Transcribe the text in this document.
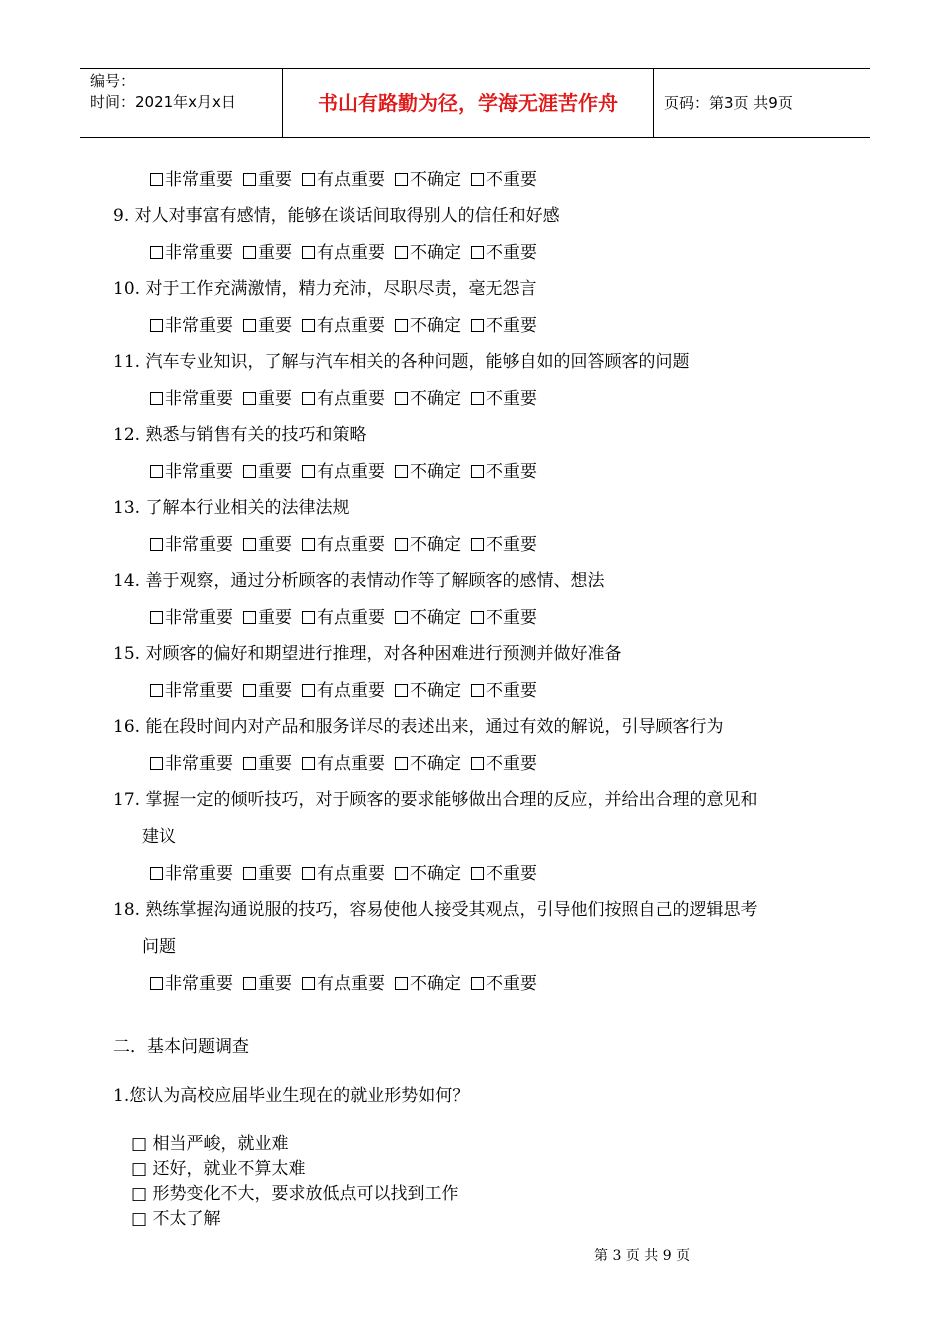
编号：
时间：2021年x月x日	书山有路勤为径，学海无涯苦作舟	页码：第3页 共9页
非常重要 重要 有点重要 不确定 不重要
9. 对人对事富有感情，能够在谈话间取得别人的信任和好感
非常重要 重要 有点重要 不确定 不重要
10. 对于工作充满激情，精力充沛，尽职尽责，毫无怨言
非常重要 重要 有点重要 不确定 不重要
11. 汽车专业知识，了解与汽车相关的各种问题，能够自如的回答顾客的问题
非常重要 重要 有点重要 不确定 不重要
12. 熟悉与销售有关的技巧和策略
非常重要 重要 有点重要 不确定 不重要
13. 了解本行业相关的法律法规
非常重要 重要 有点重要 不确定 不重要
14. 善于观察，通过分析顾客的表情动作等了解顾客的感情、想法
非常重要 重要 有点重要 不确定 不重要
15. 对顾客的偏好和期望进行推理，对各种困难进行预测并做好准备
非常重要 重要 有点重要 不确定 不重要
16. 能在段时间内对产品和服务详尽的表述出来，通过有效的解说，引导顾客行为
非常重要 重要 有点重要 不确定 不重要
17. 掌握一定的倾听技巧，对于顾客的要求能够做出合理的反应，并给出合理的意见和
建议
非常重要 重要 有点重要 不确定 不重要
18. 熟练掌握沟通说服的技巧，容易使他人接受其观点，引导他们按照自己的逻辑思考
问题
非常重要 重要 有点重要 不确定 不重要
二．基本问题调查
1.您认为高校应届毕业生现在的就业形势如何？
□ 相当严峻，就业难
□ 还好，就业不算太难
□ 形势变化不大，要求放低点可以找到工作
□ 不太了解
第 3 页 共 9 页
